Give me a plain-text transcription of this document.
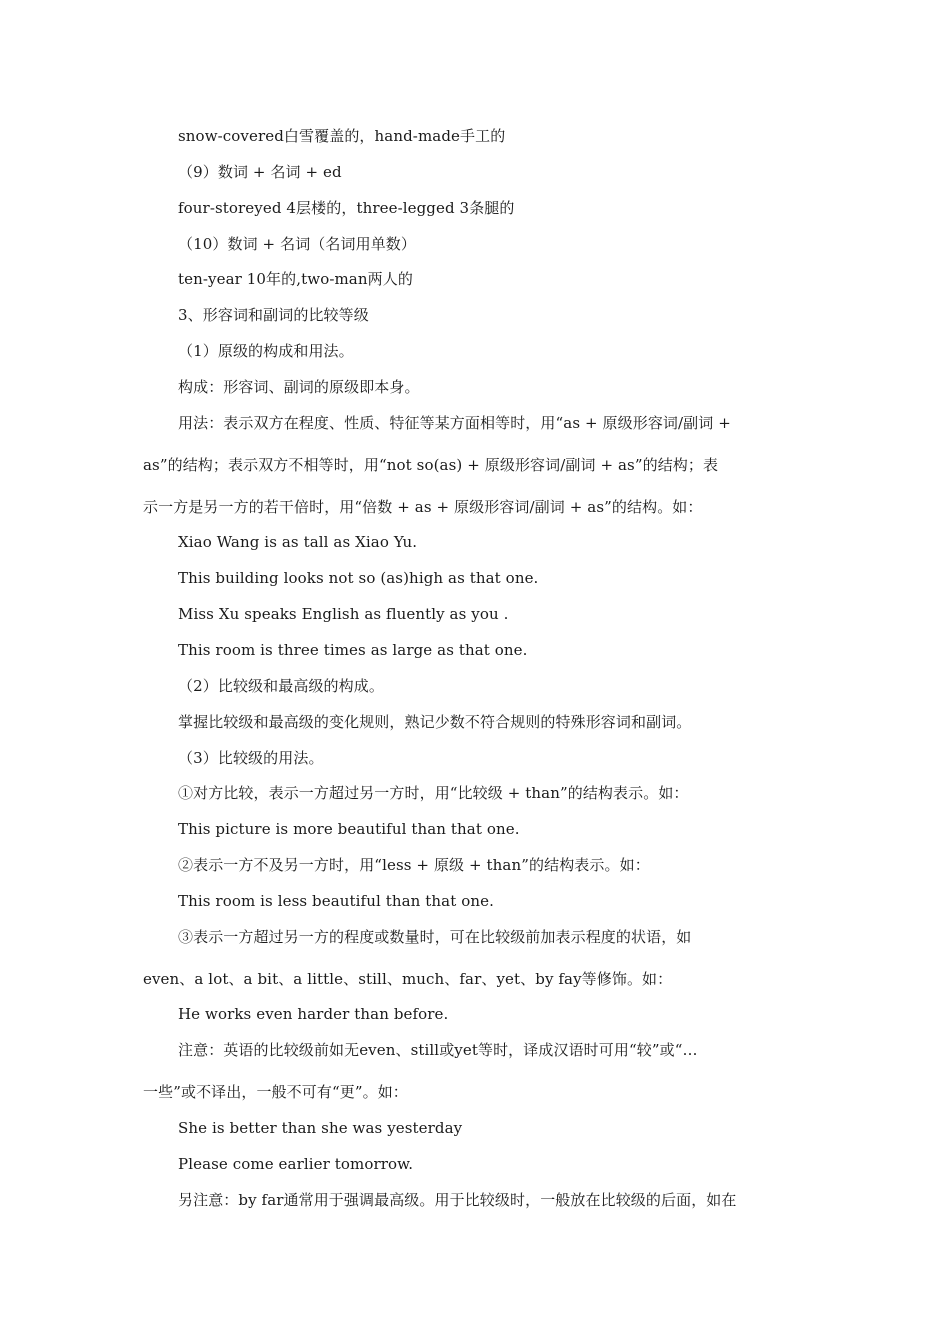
snow-covered白雪覆盖的，hand-made手工的
（9）数词 + 名词 + ed
four-storeyed 4层楼的，three-legged 3条腿的
（10）数词 + 名词（名词用单数）
ten-year 10年的,two-man两人的
3、形容词和副词的比较等级
（1）原级的构成和用法。
构成：形容词、副词的原级即本身。
用法：表示双方在程度、性质、特征等某方面相等时，用“as + 原级形容词/副词 +
as”的结构；表示双方不相等时，用“not so(as) + 原级形容词/副词 + as”的结构；表
示一方是另一方的若干倍时，用“倍数 + as + 原级形容词/副词 + as”的结构。如：
Xiao Wang is as tall as Xiao Yu.
This building looks not so (as)high as that one.
Miss Xu speaks English as fluently as you .
This room is three times as large as that one.
（2）比较级和最高级的构成。
掌握比较级和最高级的变化规则，熟记少数不符合规则的特殊形容词和副词。
（3）比较级的用法。
①对方比较，表示一方超过另一方时，用“比较级 + than”的结构表示。如：
This picture is more beautiful than that one.
②表示一方不及另一方时，用“less + 原级 + than”的结构表示。如：
This room is less beautiful than that one.
③表示一方超过另一方的程度或数量时，可在比较级前加表示程度的状语，如
even、a lot、a bit、a little、still、much、far、yet、by fay等修饰。如：
He works even harder than before.
注意：英语的比较级前如无even、still或yet等时，译成汉语时可用“较”或“…
一些”或不译出，一般不可有“更”。如：
She is better than she was yesterday
Please come earlier tomorrow.
另注意：by far通常用于强调最高级。用于比较级时，一般放在比较级的后面，如在
